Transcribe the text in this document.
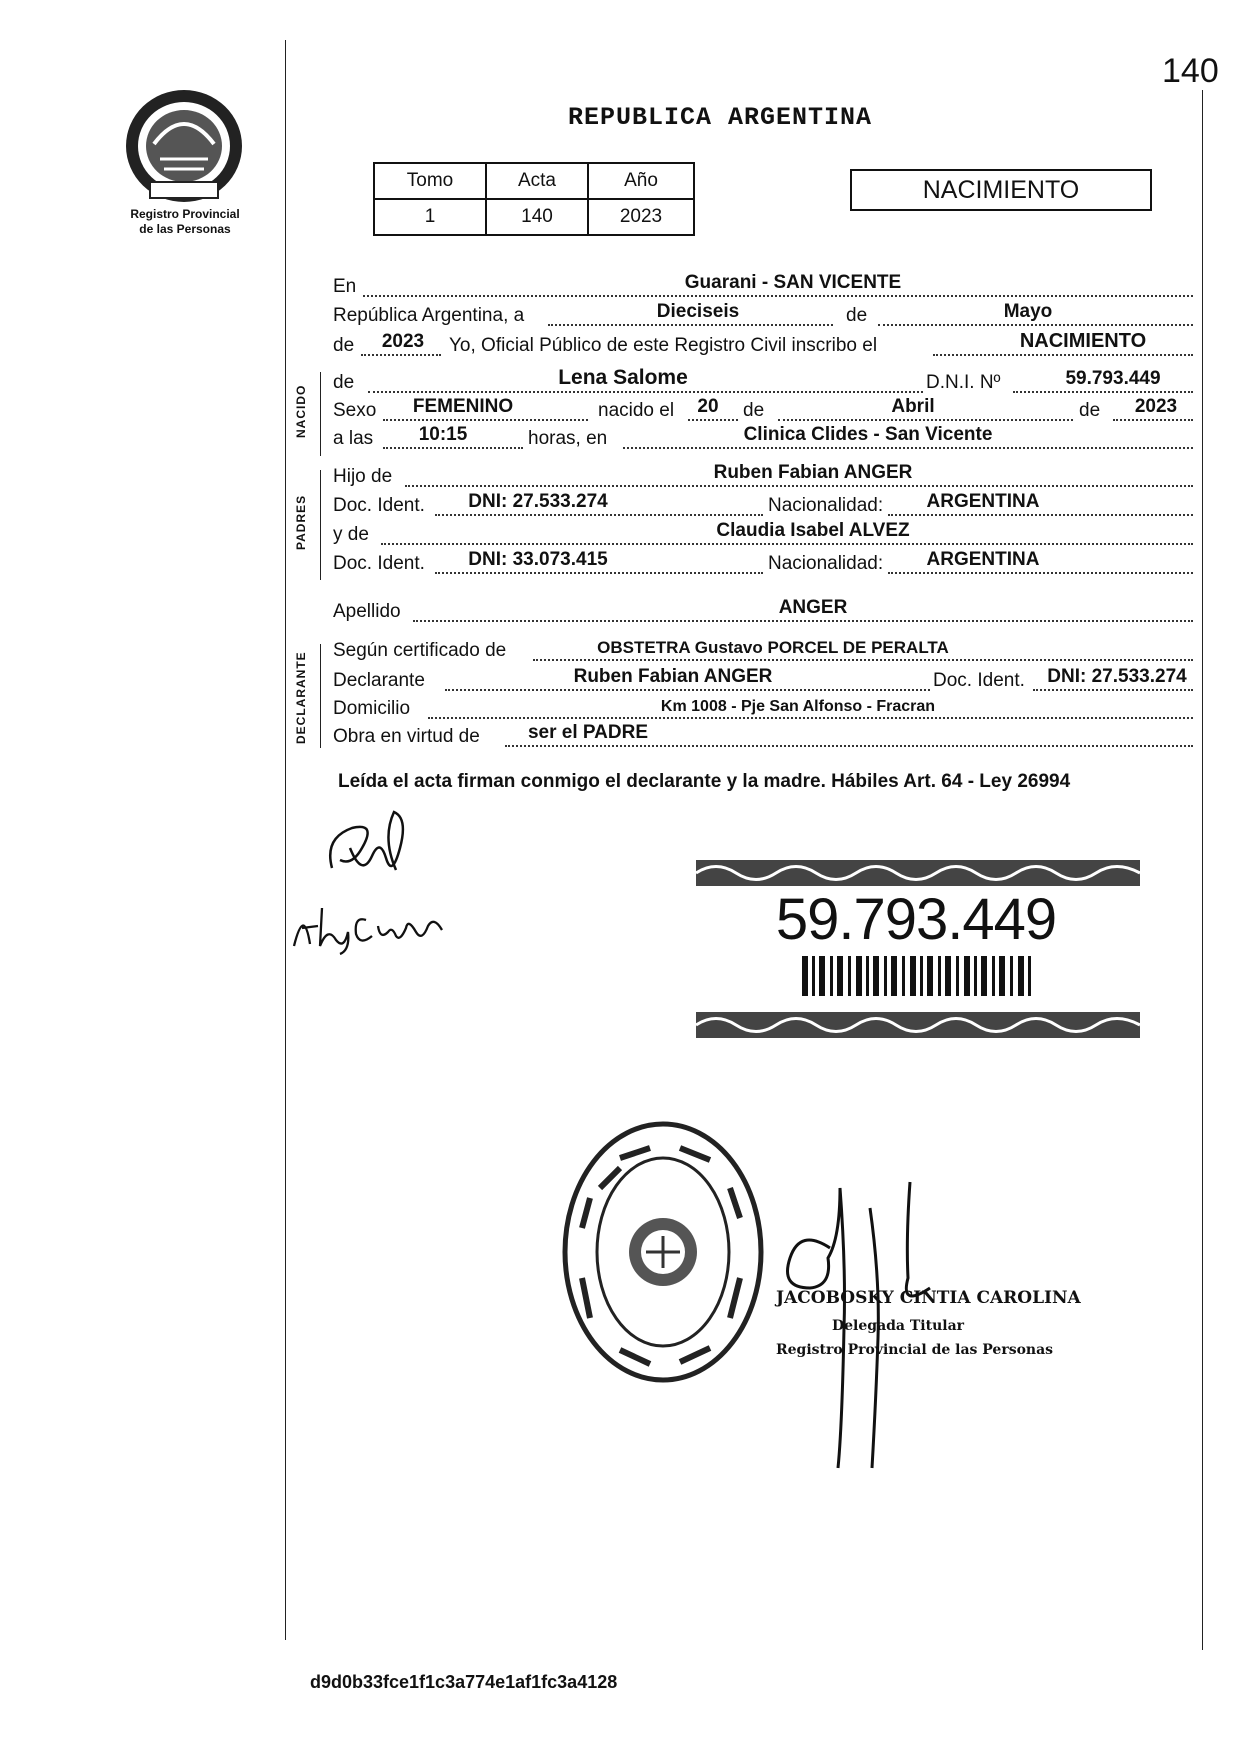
140
Registro Provincial
de las Personas
REPUBLICA ARGENTINA
Tomo	Acta	Año
1	140	2023
NACIMIENTO
NACIDO
PADRES
DECLARANTE
En	Guarani - SAN VICENTE
República Argentina, a	Dieciseis	de	Mayo
de	2023	Yo, Oficial Público de este Registro Civil inscribo el	NACIMIENTO
de	Lena Salome	D.N.I. Nº	59.793.449
Sexo	FEMENINO	nacido el	20	de	Abril	de	2023
a las	10:15	horas, en	Clinica Clides - San Vicente
Hijo de	Ruben Fabian ANGER
Doc. Ident.	DNI: 27.533.274	Nacionalidad:	ARGENTINA
y de	Claudia Isabel ALVEZ
Doc. Ident.	DNI: 33.073.415	Nacionalidad:	ARGENTINA
Apellido	ANGER
Según certificado de	OBSTETRA Gustavo PORCEL DE PERALTA
Declarante	Ruben Fabian ANGER	Doc. Ident.	DNI: 27.533.274
Domicilio	Km 1008 - Pje San Alfonso - Fracran
Obra en virtud de	ser el PADRE
Leída el acta firman conmigo el declarante y la madre. Hábiles Art. 64 - Ley 26994
59.793.449
JACOBOSKY CINTIA CAROLINA
Delegada Titular
Registro Provincial de las Personas
d9d0b33fce1f1c3a774e1af1fc3a4128
